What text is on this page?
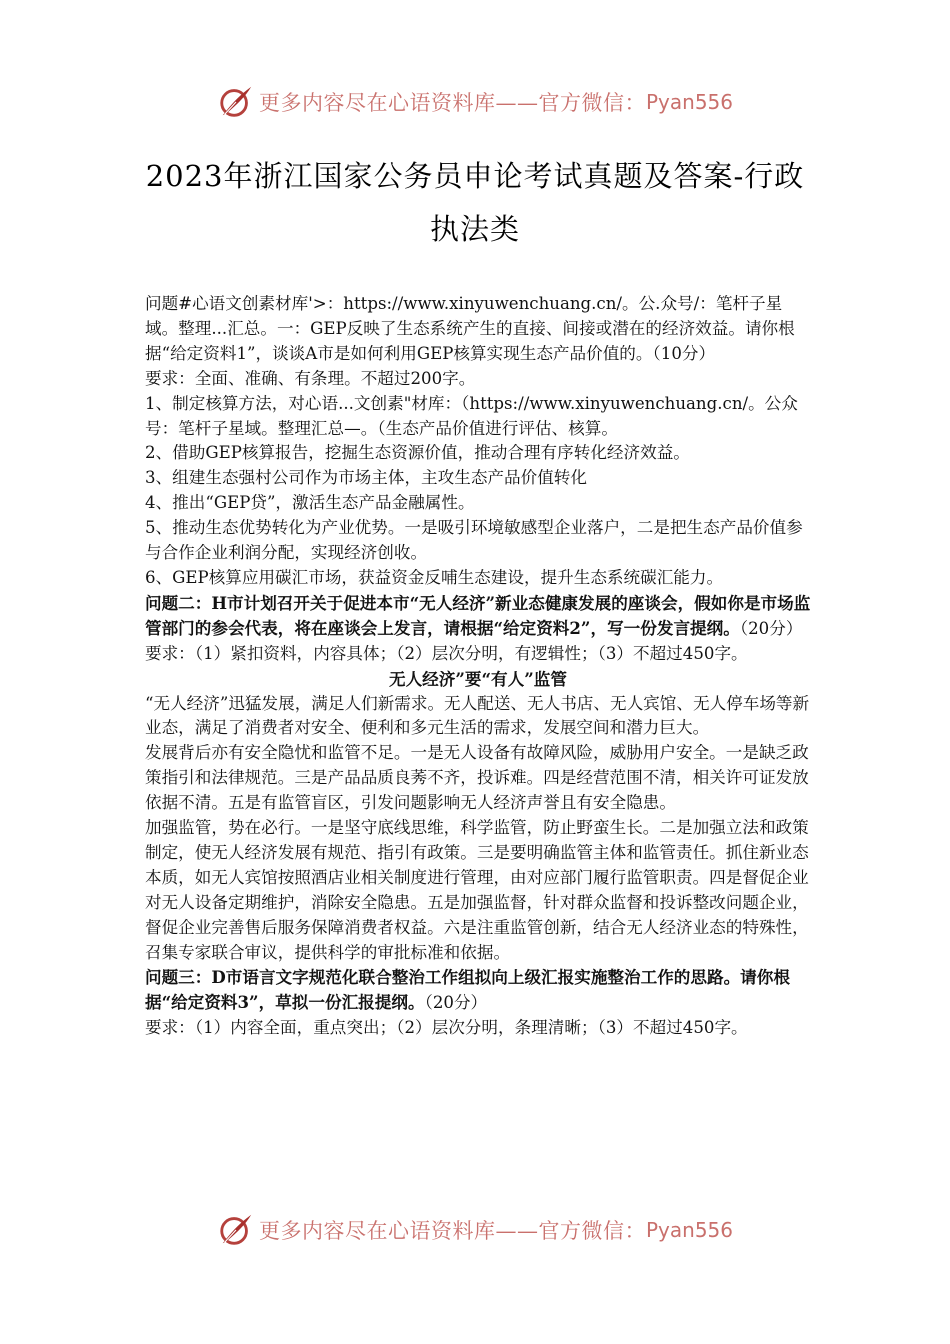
更多内容尽在心语资料库——官方微信： Pyan556
2023年浙江国家公务员申论考试真题及答案-行政
执法类

问题#心语文创素材库'>：https://www.xinyuwenchuang.cn/。公.众号/：笔杆子星域。整理...汇总。一：GEP反映了生态系统产生的直接、间接或潜在的经济效益。请你根据“给定资料1”，谈谈A市是如何利用GEP核算实现生态产品价值的。（10分）

要求：全面、准确、有条理。不超过200字。

1、制定核算方法，对心语...文创素"材库：（https://www.xinyuwenchuang.cn/。公众号：笔杆子星域。整理汇总—。（生态产品价值进行评估、核算。

2、借助GEP核算报告，挖掘生态资源价值，推动合理有序转化经济效益。

3、组建生态强村公司作为市场主体，主攻生态产品价值转化

4、推出“GEP贷”，激活生态产品金融属性。

5、推动生态优势转化为产业优势。一是吸引环境敏感型企业落户，二是把生态产品价值参与合作企业利润分配，实现经济创收。

6、GEP核算应用碳汇市场，获益资金反哺生态建设，提升生态系统碳汇能力。

问题二：H市计划召开关于促进本市“无人经济”新业态健康发展的座谈会，假如你是市场监管部门的参会代表，将在座谈会上发言，请根据“给定资料2”，写一份发言提纲。（20分）

要求：（1）紧扣资料，内容具体；（2）层次分明，有逻辑性；（3）不超过450字。

无人经济”要“有人”监管

“无人经济”迅猛发展，满足人们新需求。无人配送、无人书店、无人宾馆、无人停车场等新业态，满足了消费者对安全、便利和多元生活的需求，发展空间和潜力巨大。

发展背后亦有安全隐忧和监管不足。一是无人设备有故障风险，威胁用户安全。一是缺乏政策指引和法律规范。三是产品品质良莠不齐，投诉难。四是经营范围不清，相关许可证发放依据不清。五是有监管盲区，引发问题影响无人经济声誉且有安全隐患。

加强监管，势在必行。一是坚守底线思维，科学监管，防止野蛮生长。二是加强立法和政策制定，使无人经济发展有规范、指引有政策。三是要明确监管主体和监管责任。抓住新业态本质，如无人宾馆按照酒店业相关制度进行管理，由对应部门履行监管职责。四是督促企业对无人设备定期维护，消除安全隐患。五是加强监督，针对群众监督和投诉整改问题企业，督促企业完善售后服务保障消费者权益。六是注重监管创新，结合无人经济业态的特殊性，召集专家联合审议，提供科学的审批标准和依据。

问题三：D市语言文字规范化联合整治工作组拟向上级汇报实施整治工作的思路。请你根据“给定资料3”，草拟一份汇报提纲。（20分）

要求：（1）内容全面，重点突出；（2）层次分明，条理清晰；（3）不超过450字。

更多内容尽在心语资料库——官方微信： Pyan556
